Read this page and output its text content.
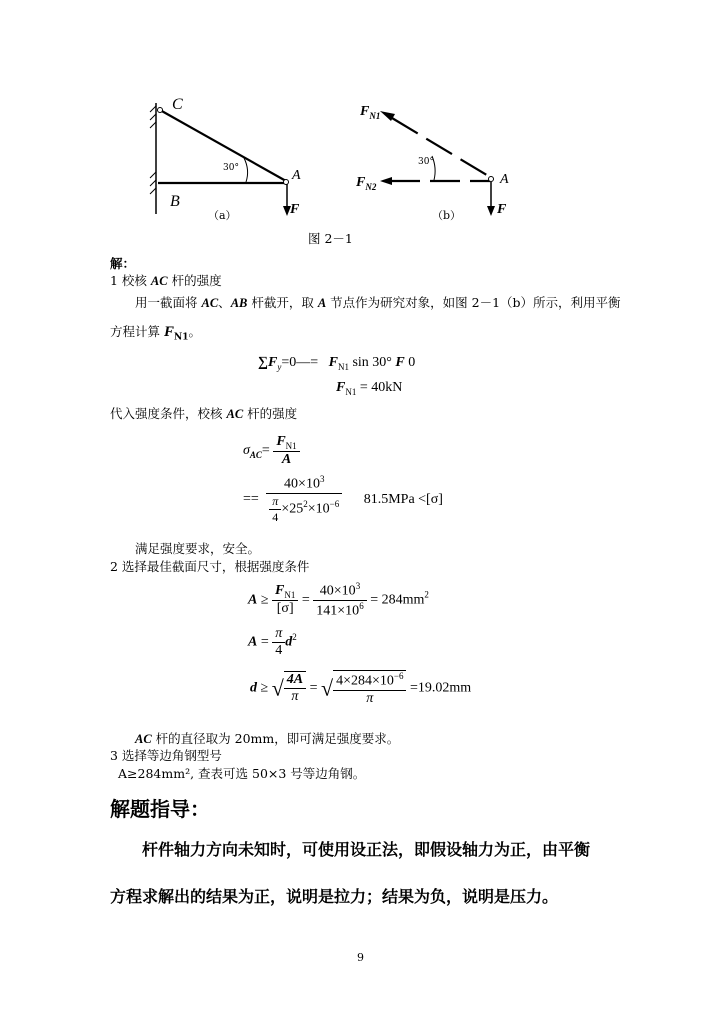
C
B
A
F
30°
（a）
$F_{N1}$
$F_{N2}$	A
F
30°
（b）
图 2－1
解：
1 校核 AC 杆的强度
用一截面将 AC、AB 杆截开，取 A 节点作为研究对象，如图 2－1（b）所示，利用平衡
方程计算 $F_{N1}$。
$\sum F_y=0—= F_{N1}$ sin 30° F 0
$F_{N1} = 40kN$
代入强度条件，校核 AC 杆的强度
$\sigma_{AC}= \frac{F_{N1}}{A}$
== $\frac{40\times 10^3}{\frac{\pi}{4} \times 25^2\times 10^{-6}} 81.5MPa <[\sigma]$
满足强度要求，安全。
2 选择最佳截面尺寸，根据强度条件
$A \ge \frac{F_{N1}}{[\sigma]} = \frac{40\times 10^3}{141\times 10^6} = 284mm^2$
$A = \frac{\pi}{4} d^2$
d ≥ √ $\frac{4A}{\pi}$ = √ $\frac{4\times 284\times 10^{-6}}{\pi} =19.02mm$
AC 杆的直径取为 20mm，即可满足强度要求。
3 选择等边角钢型号
A≥284mm², 查表可选 50×3 号等边角钢。
解题指导：
杆件轴力方向未知时，可使用设正法，即假设轴力为正，由平衡
方程求解出的结果为正，说明是拉力；结果为负，说明是压力。
9
